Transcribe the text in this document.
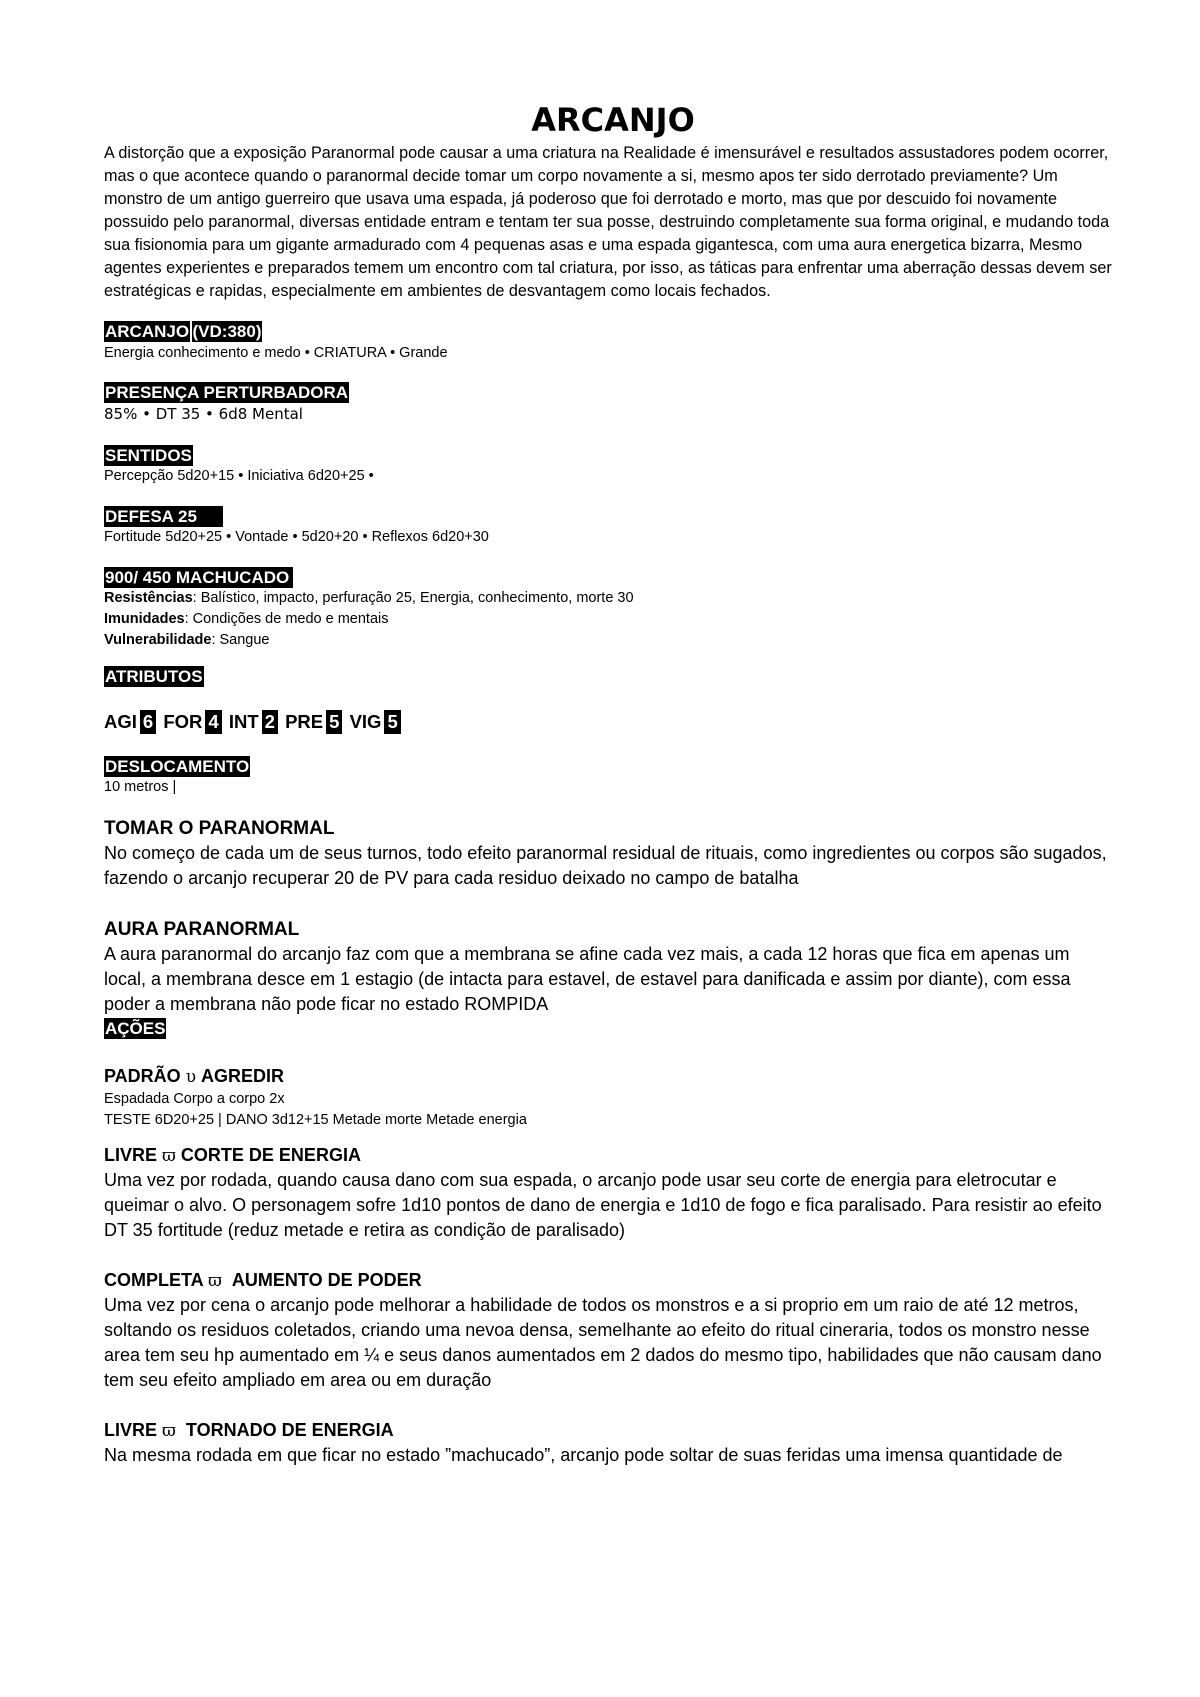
ARCANJO

A distorção que a exposição Paranormal pode causar a uma criatura na Realidade é imensurável e resultados assustadores podem ocorrer, mas o que acontece quando o paranormal decide tomar um corpo novamente a si, mesmo apos ter sido derrotado previamente? Um monstro de um antigo guerreiro que usava uma espada, já poderoso que foi derrotado e morto, mas que por descuido foi novamente possuido pelo paranormal, diversas entidade entram e tentam ter sua posse, destruindo completamente sua forma original, e mudando toda sua fisionomia para um gigante armadurado com 4 pequenas asas e uma espada gigantesca, com uma aura energetica bizarra, Mesmo agentes experientes e preparados temem um encontro com tal criatura, por isso, as táticas para enfrentar uma aberração dessas devem ser estratégicas e rapidas, especialmente em ambientes de desvantagem como locais fechados.

ARCANJO (VD:380)
Energia conhecimento e medo • CRIATURA • Grande
PRESENÇA PERTURBADORA
85% • DT 35 • 6d8 Mental
SENTIDOS
Percepção 5d20+15 • Iniciativa 6d20+25 •
DEFESA 25
Fortitude 5d20+25 • Vontade • 5d20+20 • Reflexos 6d20+30
900/ 450 MACHUCADO
Resistências: Balístico, impacto, perfuração 25, Energia, conhecimento, morte 30
Imunidades: Condições de medo e mentais
Vulnerabilidade: Sangue
ATRIBUTOS
AGI 6 FOR 4 INT 2 PRE 5 VIG 5
DESLOCAMENTO
10 metros |
TOMAR O PARANORMAL
No começo de cada um de seus turnos, todo efeito paranormal residual de rituais, como ingredientes ou corpos são sugados, fazendo o arcanjo recuperar 20 de PV para cada residuo deixado no campo de batalha
AURA PARANORMAL
A aura paranormal do arcanjo faz com que a membrana se afine cada vez mais, a cada 12 horas que fica em apenas um local, a membrana desce em 1 estagio (de intacta para estavel, de estavel para danificada e assim por diante), com essa poder a membrana não pode ficar no estado ROMPIDA
AÇÕES
PADRÃO υ AGREDIR
Espadada Corpo a corpo 2x
TESTE 6D20+25 | DANO 3d12+15 Metade morte Metade energia
LIVRE ϖ CORTE DE ENERGIA
Uma vez por rodada, quando causa dano com sua espada, o arcanjo pode usar seu corte de energia para eletrocutar e queimar o alvo. O personagem sofre 1d10 pontos de dano de energia e 1d10 de fogo e fica paralisado. Para resistir ao efeito DT 35 fortitude (reduz metade e retira as condição de paralisado)
COMPLETA ϖ AUMENTO DE PODER
Uma vez por cena o arcanjo pode melhorar a habilidade de todos os monstros e a si proprio em um raio de até 12 metros, soltando os residuos coletados, criando uma nevoa densa, semelhante ao efeito do ritual cineraria, todos os monstro nesse area tem seu hp aumentado em ¼ e seus danos aumentados em 2 dados do mesmo tipo, habilidades que não causam dano tem seu efeito ampliado em area ou em duração
LIVRE ϖ TORNADO DE ENERGIA
Na mesma rodada em que ficar no estado ”machucado”, arcanjo pode soltar de suas feridas uma imensa quantidade de
